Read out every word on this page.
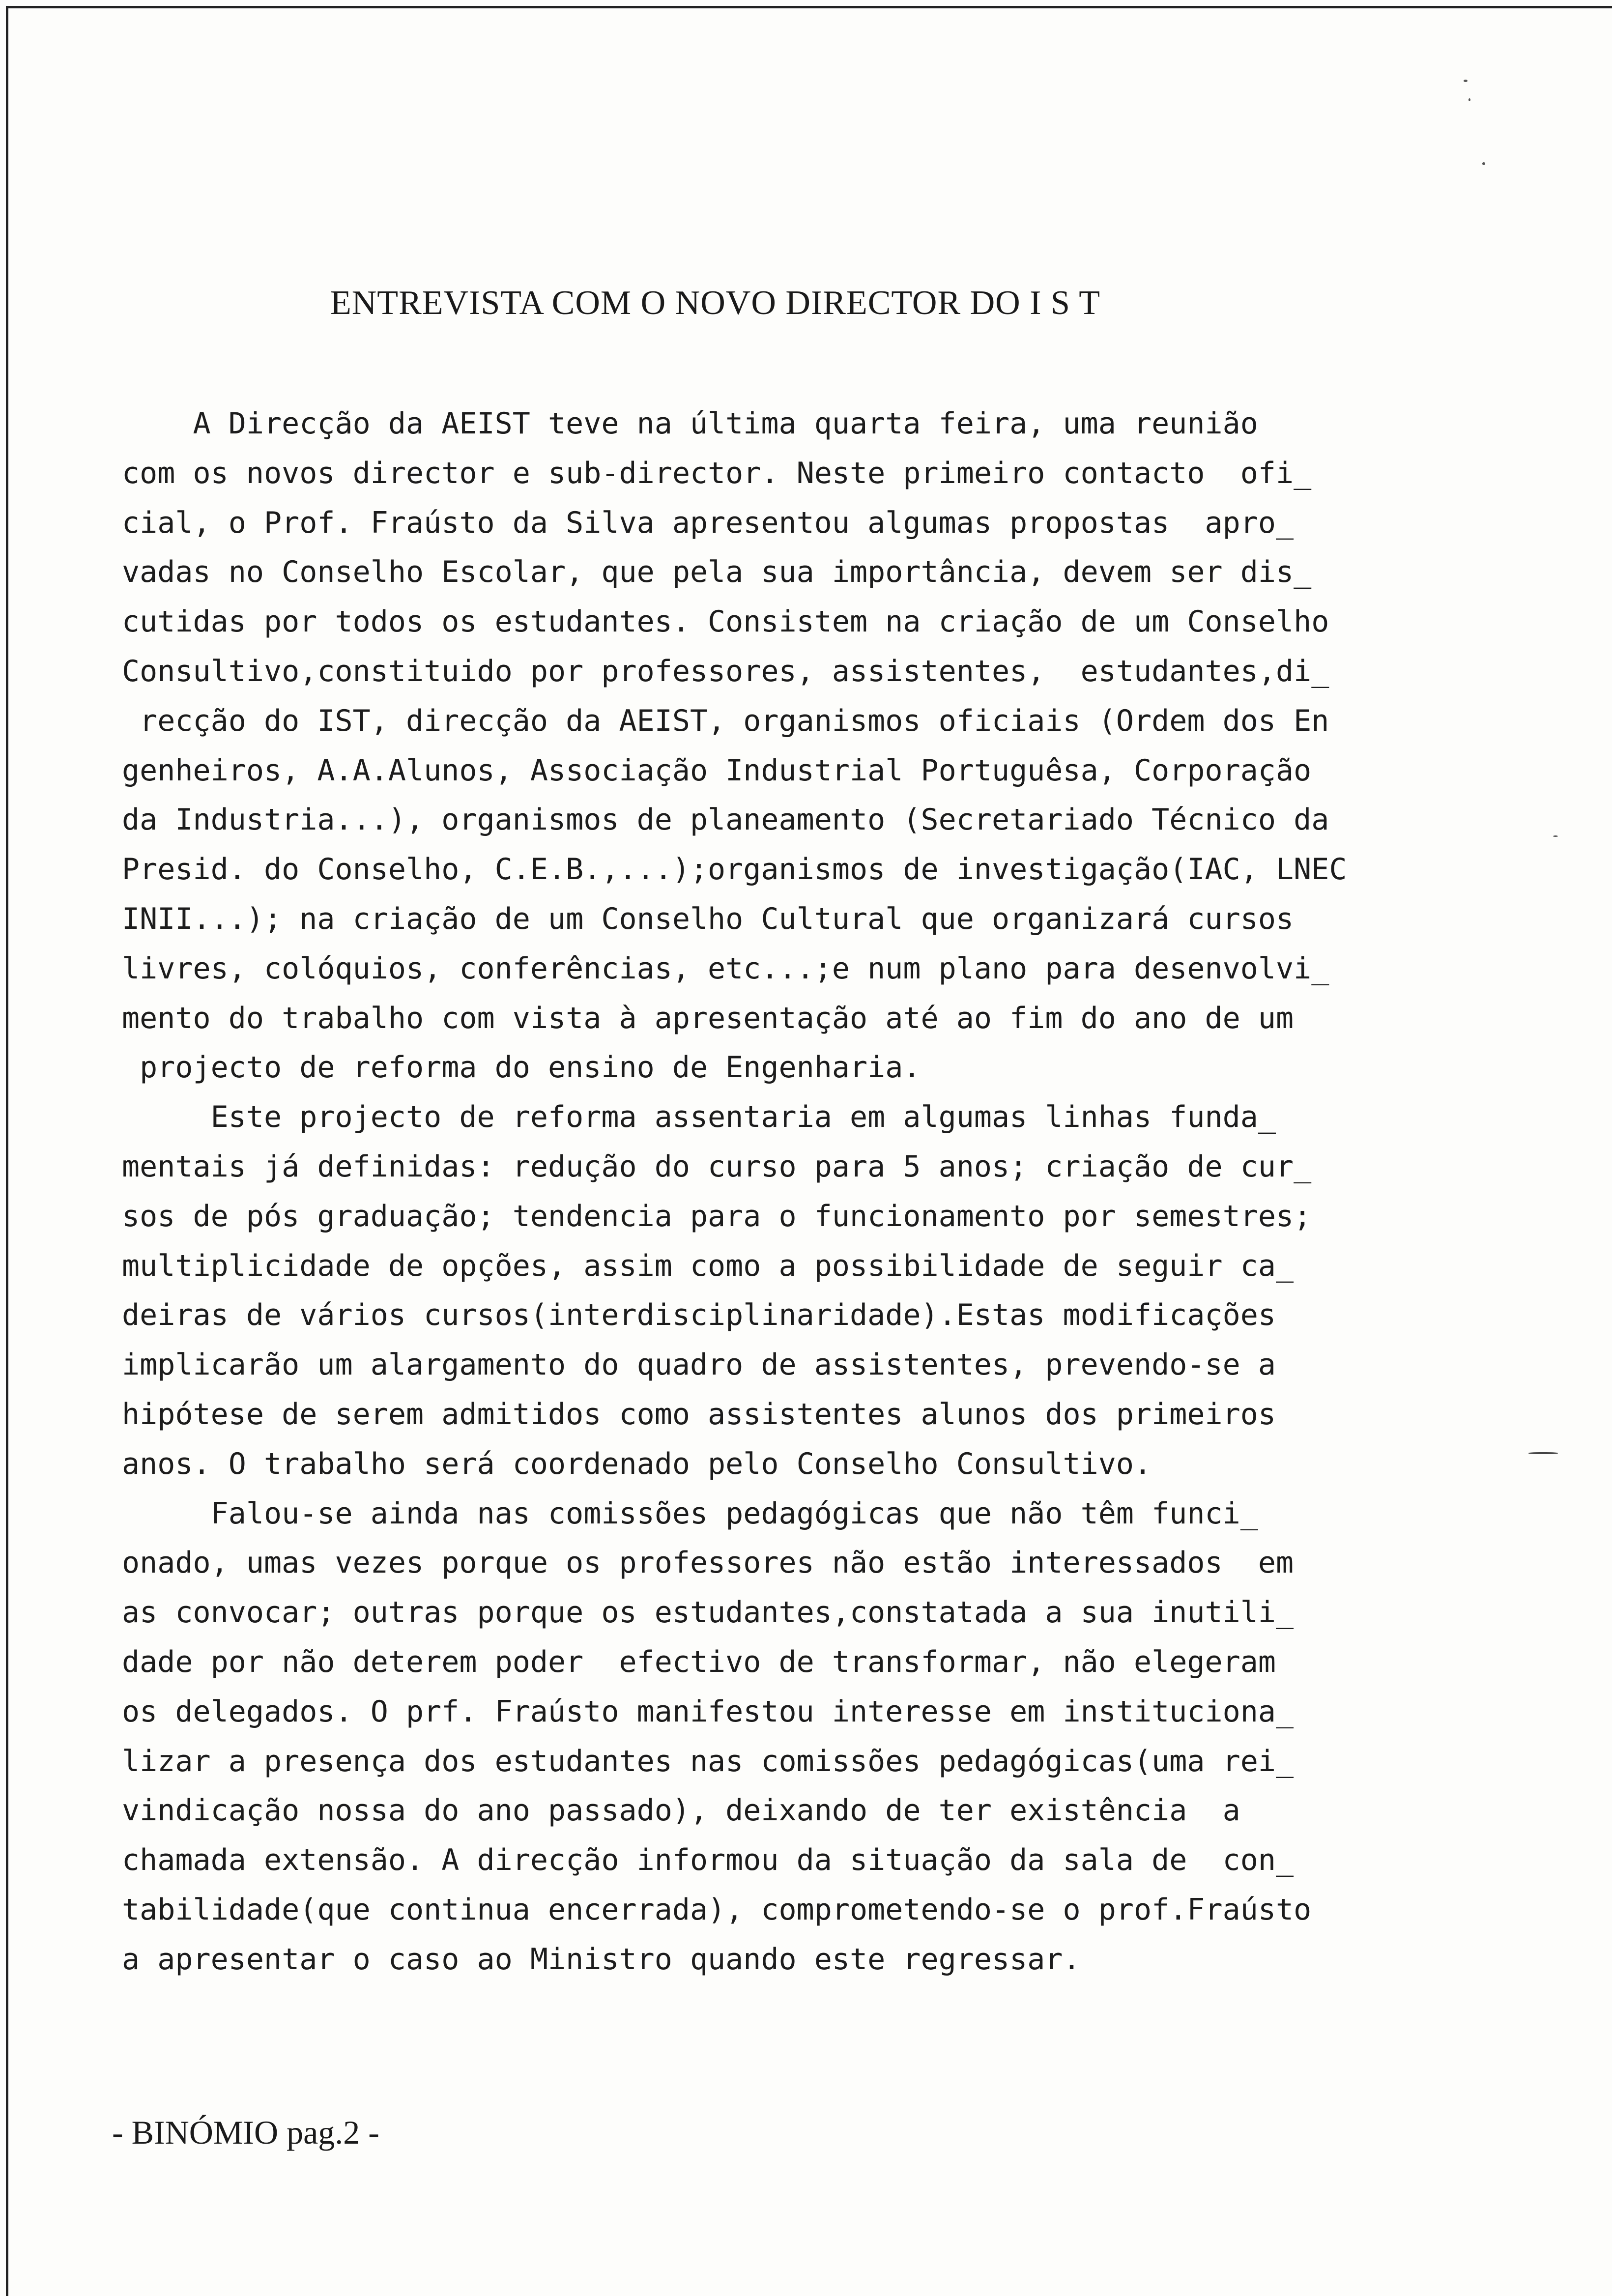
ENTREVISTA COM O NOVO DIRECTOR DO I S T
A Direcção da AEIST teve na última quarta feira, uma reunião
com os novos director e sub-director. Neste primeiro contacto  ofi_
cial, o Prof. Fraústo da Silva apresentou algumas propostas  apro_
vadas no Conselho Escolar, que pela sua importância, devem ser dis_
cutidas por todos os estudantes. Consistem na criação de um Conselho
Consultivo,constituido por professores, assistentes,  estudantes,di_
recção do IST, direcção da AEIST, organismos oficiais (Ordem dos En
genheiros, A.A.Alunos, Associação Industrial Portuguêsa, Corporação
da Industria...), organismos de planeamento (Secretariado Técnico da
Presid. do Conselho, C.E.B.,...);organismos de investigação(IAC, LNEC
INII...); na criação de um Conselho Cultural que organizará cursos
livres, colóquios, conferências, etc...;e num plano para desenvolvi_
mento do trabalho com vista à apresentação até ao fim do ano de um
projecto de reforma do ensino de Engenharia.
Este projecto de reforma assentaria em algumas linhas funda_
mentais já definidas: redução do curso para 5 anos; criação de cur_
sos de pós graduação; tendencia para o funcionamento por semestres;
multiplicidade de opções, assim como a possibilidade de seguir ca_
deiras de vários cursos(interdisciplinaridade).Estas modificações
implicarão um alargamento do quadro de assistentes, prevendo-se a
hipótese de serem admitidos como assistentes alunos dos primeiros
anos. O trabalho será coordenado pelo Conselho Consultivo.
Falou-se ainda nas comissões pedagógicas que não têm funci_
onado, umas vezes porque os professores não estão interessados  em
as convocar; outras porque os estudantes,constatada a sua inutili_
dade por não deterem poder  efectivo de transformar, não elegeram
os delegados. O prf. Fraústo manifestou interesse em instituciona_
lizar a presença dos estudantes nas comissões pedagógicas(uma rei_
vindicação nossa do ano passado), deixando de ter existência  a
chamada extensão. A direcção informou da situação da sala de  con_
tabilidade(que continua encerrada), comprometendo-se o prof.Fraústo
a apresentar o caso ao Ministro quando este regressar.
- BINÓMIO pag.2 -
